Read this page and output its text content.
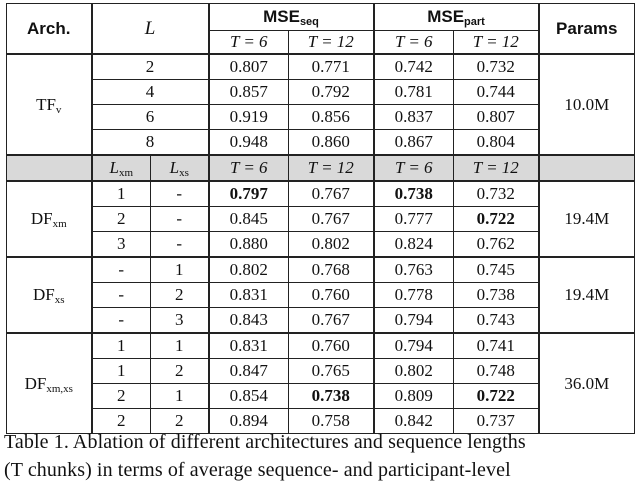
Arch.	L		$MSE_{seq}$		$MSE_{part}$		Params
			T = 6	T = 12	T = 6	T = 12	
$TF_v$	2		0.807	0.771	0.742	0.732	10.0M
	4		0.857	0.792	0.781	0.744	
	6		0.919	0.856	0.837	0.807	
	8		0.948	0.860	0.867	0.804	
	$L_{xm}$	$L_{xs}$	T = 6	T = 12	T = 6	T = 12	
$DF_{xm}$	1	-	0.797	0.767	0.738	0.732	19.4M
	2	-	0.845	0.767	0.777	0.722	
	3	-	0.880	0.802	0.824	0.762	
$DF_{xs}$	-	1	0.802	0.768	0.763	0.745	19.4M
	-	2	0.831	0.760	0.778	0.738	
	-	3	0.843	0.767	0.794	0.743	
$DF_{xm,xs}$	1	1	0.831	0.760	0.794	0.741	36.0M
	1	2	0.847	0.765	0.802	0.748	
	2	1	0.854	0.738	0.809	0.722	
	2	2	0.894	0.758	0.842	0.737	
Table 1. Ablation of different architectures and sequence lengths
(T chunks) in terms of average sequence- and participant-level
